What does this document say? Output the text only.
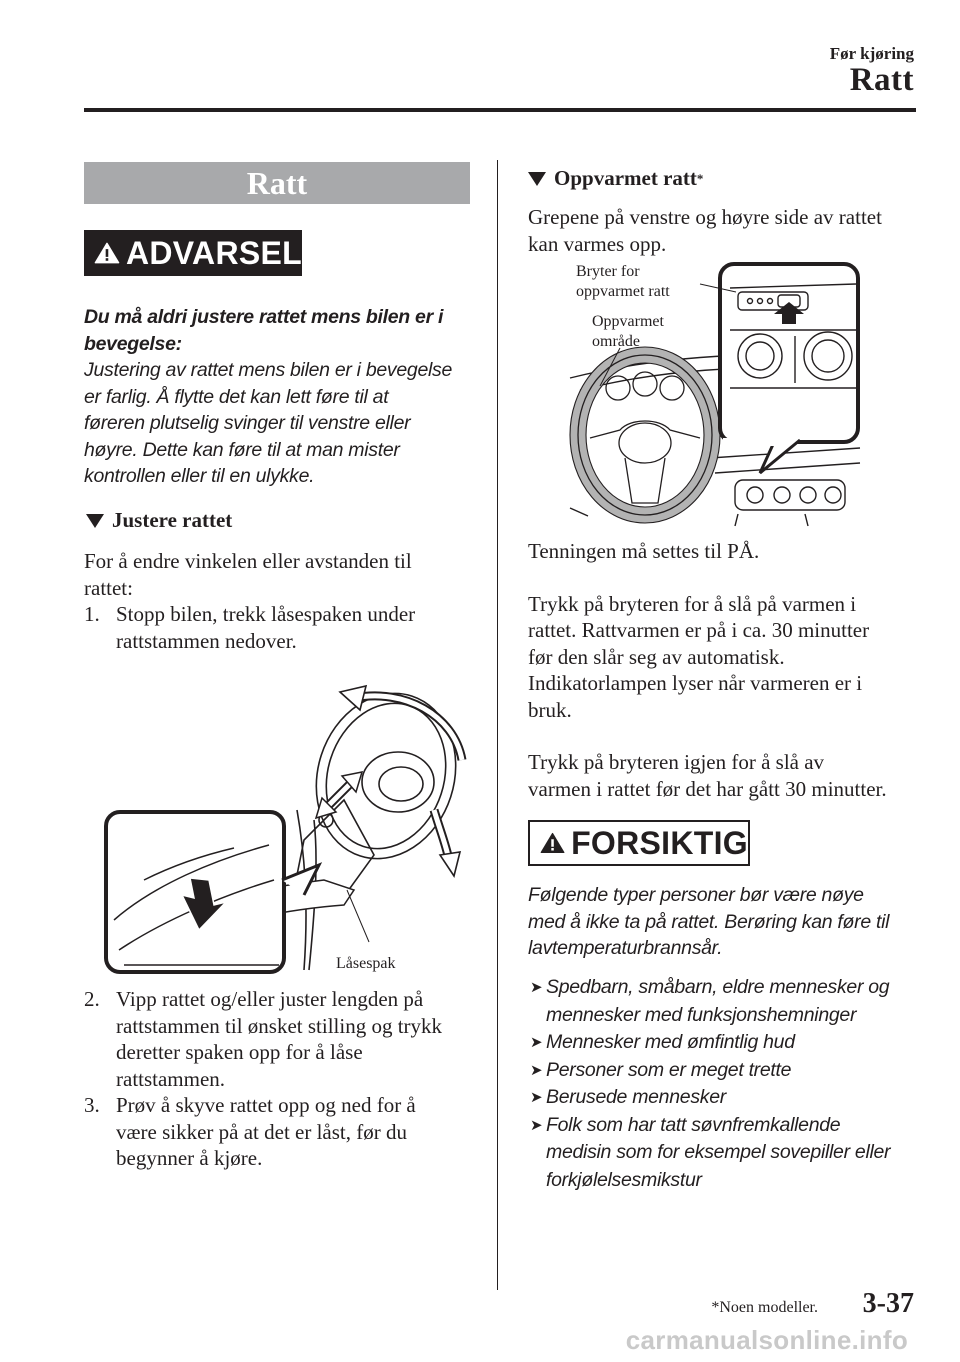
Før kjøring
Ratt
Ratt
ADVARSEL
Du må aldri justere rattet mens bilen er i
bevegelse:
Justering av rattet mens bilen er i bevegelse
er farlig. Å flytte det kan lett føre til at
føreren plutselig svinger til venstre eller
høyre. Dette kan føre til at man mister
kontrollen eller til en ulykke.
Justere rattet
For å endre vinkelen eller avstanden til
rattet:
1. Stopp bilen, trekk låsespaken under
rattstammen nedover.
Låsespak
2. Vipp rattet og/eller juster lengden på
rattstammen til ønsket stilling og trykk
deretter spaken opp for å låse
rattstammen.
3. Prøv å skyve rattet opp og ned for å
være sikker på at det er låst, før du
begynner å kjøre.
Oppvarmet ratt *
Grepene på venstre og høyre side av rattet
kan varmes opp.
Bryter for
oppvarmet ratt
Oppvarmet
område
Tenningen må settes til PÅ.
Trykk på bryteren for å slå på varmen i
rattet. Rattvarmen er på i ca. 30 minutter
før den slår seg av automatisk.
Indikatorlampen lyser når varmeren er i
bruk.
Trykk på bryteren igjen for å slå av
varmen i rattet før det har gått 30 minutter.
FORSIKTIG
Følgende typer personer bør være nøye
med å ikke ta på rattet. Berøring kan føre til
lavtemperaturbrannsår.
➤ Spedbarn, småbarn, eldre mennesker og
mennesker med funksjonshemninger
➤ Mennesker med ømfintlig hud
➤ Personer som er meget trette
➤ Berusede mennesker
➤ Folk som har tatt søvnfremkallende
medisin som for eksempel sovepiller eller
forkjølelsesmikstur
*Noen modeller. 3-37
carmanualsonline.info
